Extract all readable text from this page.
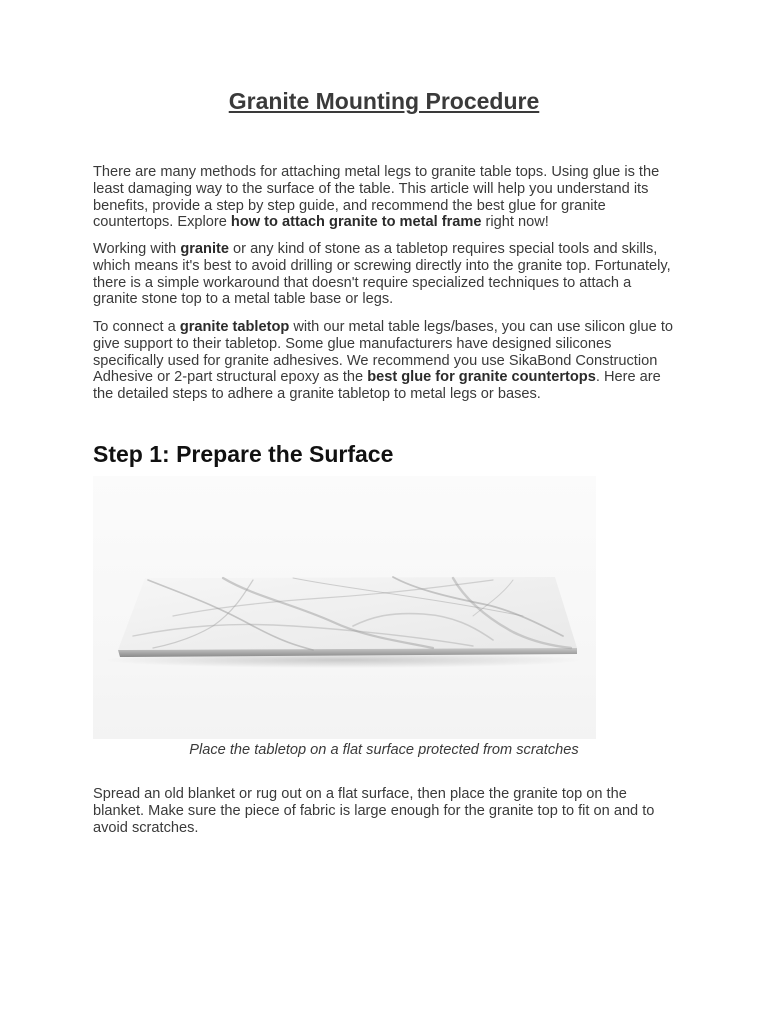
Granite Mounting Procedure

There are many methods for attaching metal legs to granite table tops. Using glue is the least damaging way to the surface of the table. This article will help you understand its benefits, provide a step by step guide, and recommend the best glue for granite countertops. Explore how to attach granite to metal frame right now!

Working with granite or any kind of stone as a tabletop requires special tools and skills, which means it's best to avoid drilling or screwing directly into the granite top. Fortunately, there is a simple workaround that doesn't require specialized techniques to attach a granite stone top to a metal table base or legs.

To connect a granite tabletop with our metal table legs/bases, you can use silicon glue to give support to their tabletop. Some glue manufacturers have designed silicones specifically used for granite adhesives. We recommend you use SikaBond Construction Adhesive or 2-part structural epoxy as the best glue for granite countertops. Here are the detailed steps to adhere a granite tabletop to metal legs or bases.

Step 1: Prepare the Surface

Place the tabletop on a flat surface protected from scratches

Spread an old blanket or rug out on a flat surface, then place the granite top on the blanket. Make sure the piece of fabric is large enough for the granite top to fit on and to avoid scratches.
